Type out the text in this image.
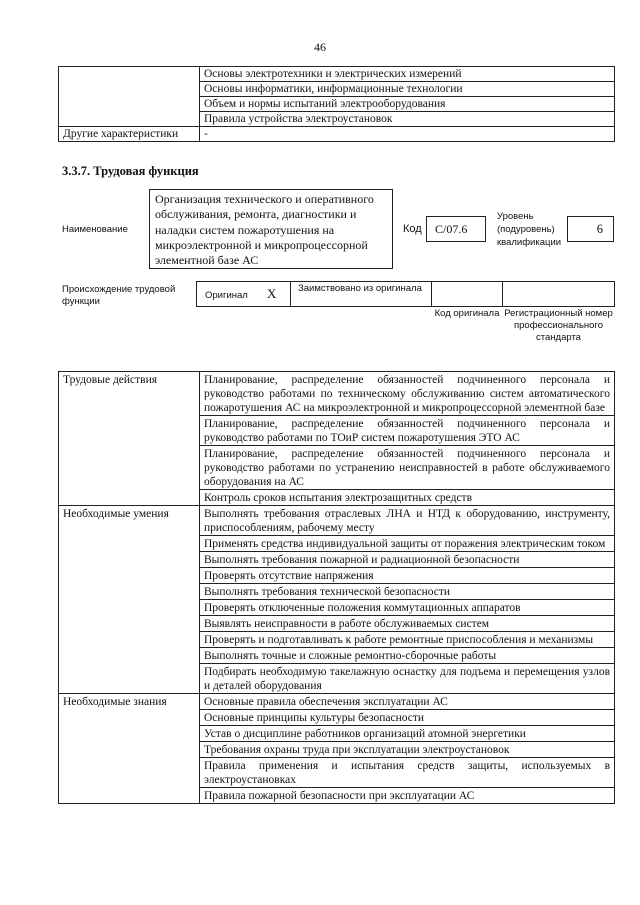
46
	Основы электротехники и электрических измерений
	Основы информатики, информационные технологии
	Объем и нормы испытаний электрооборудования
	Правила устройства электроустановок
Другие характеристики	-
3.3.7. Трудовая функция
Наименование
Организация технического и оперативного обслуживания, ремонта, диагностики и наладки систем пожаротушения на микроэлектронной и микропроцессорной элементной базе АС
Код	С/07.6
Уровень (подуровень) квалификации
6
Происхождение трудовой функции
Оригинал X Заимствовано из оригинала
Код оригинала Регистрационный номер профессионального стандарта
Трудовые действия	Планирование, распределение обязанностей подчиненного персонала и руководство работами по техническому обслуживанию систем автоматического пожаротушения АС на микроэлектронной и микропроцессорной элементной базе
	Планирование, распределение обязанностей подчиненного персонала и руководство работами по ТОиР систем пожаротушения ЭТО АС
	Планирование, распределение обязанностей подчиненного персонала и руководство работами по устранению неисправностей в работе обслуживаемого оборудования на АС
	Контроль сроков испытания электрозащитных средств
Необходимые умения	Выполнять требования отраслевых ЛНА и НТД к оборудованию, инструменту, приспособлениям, рабочему месту
	Применять средства индивидуальной защиты от поражения электрическим током
	Выполнять требования пожарной и радиационной безопасности
	Проверять отсутствие напряжения
	Выполнять требования технической безопасности
	Проверять отключенные положения коммутационных аппаратов
	Выявлять неисправности в работе обслуживаемых систем
	Проверять и подготавливать к работе ремонтные приспособления и механизмы
	Выполнять точные и сложные ремонтно-сборочные работы
	Подбирать необходимую такелажную оснастку для подъема и перемещения узлов и деталей оборудования
Необходимые знания	Основные правила обеспечения эксплуатации АС
	Основные принципы культуры безопасности
	Устав о дисциплине работников организаций атомной энергетики
	Требования охраны труда при эксплуатации электроустановок
	Правила применения и испытания средств защиты, используемых в электроустановках
	Правила пожарной безопасности при эксплуатации АС
